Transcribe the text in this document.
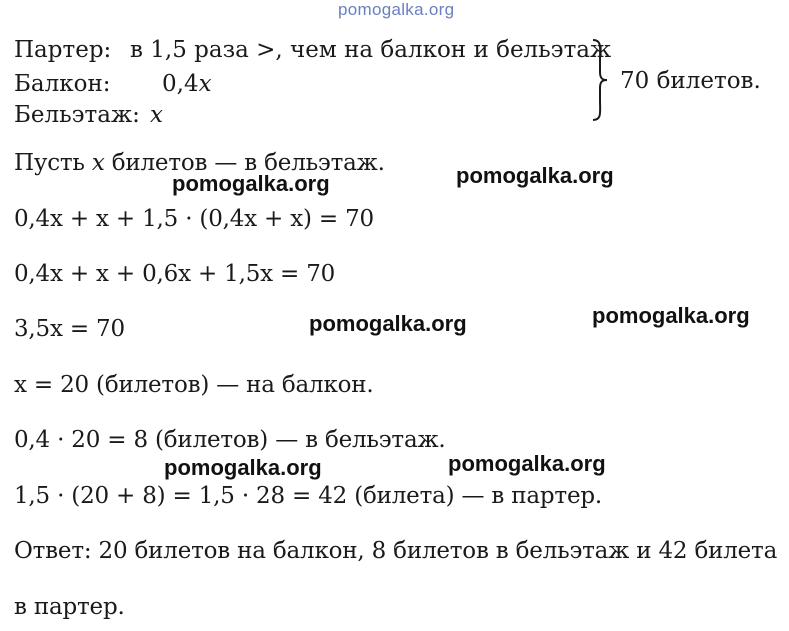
pomogalka.org
Партер: в 1,5 раза >, чем на балкон и бельэтаж
Балкон: 0,4x
Бельэтаж: x
70 билетов.
Пусть x билетов — в бельэтаж.
0,4x + x + 1,5 · (0,4x + x) = 70
0,4x + x + 0,6x + 1,5x = 70
3,5x = 70
x = 20 (билетов) — на балкон.
0,4 · 20 = 8 (билетов) — в бельэтаж.
1,5 · (20 + 8) = 1,5 · 28 = 42 (билета) — в партер.
Ответ: 20 билетов на балкон, 8 билетов в бельэтаж и 42 билета
в партер.
pomogalka.org	pomogalka.org
pomogalka.org	pomogalka.org
pomogalka.org	pomogalka.org
